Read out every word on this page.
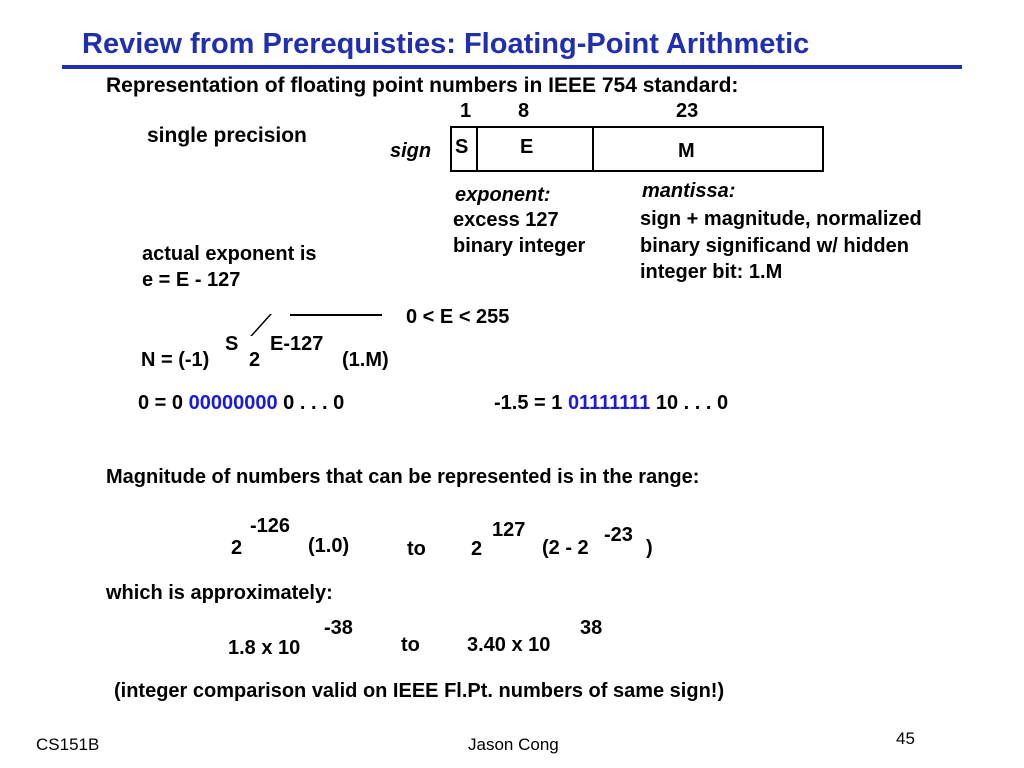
Review from Prerequisties: Floating-Point Arithmetic
Representation of floating point numbers in IEEE 754 standard:
1 8	23
single precision
sign S	E	M
exponent:
excess 127
binary integer
mantissa:
sign + magnitude, normalized
binary significand w/ hidden
integer bit: 1.M
actual exponent is
e = E - 127
0 < E < 255
N = (-1)
S
2
E-127
(1.M)
0 = 0 00000000 0 . . . 0	-1.5 = 1 01111111 10 . . . 0
Magnitude of numbers that can be represented is in the range:
2
-126
(1.0)	to 2
127
(2 - 2
-23
)
which is approximately:
1.8 x 10
-38
to 3.40 x 10
38
(integer comparison valid on IEEE Fl.Pt. numbers of same sign!)
CS151B	Jason Cong	45
